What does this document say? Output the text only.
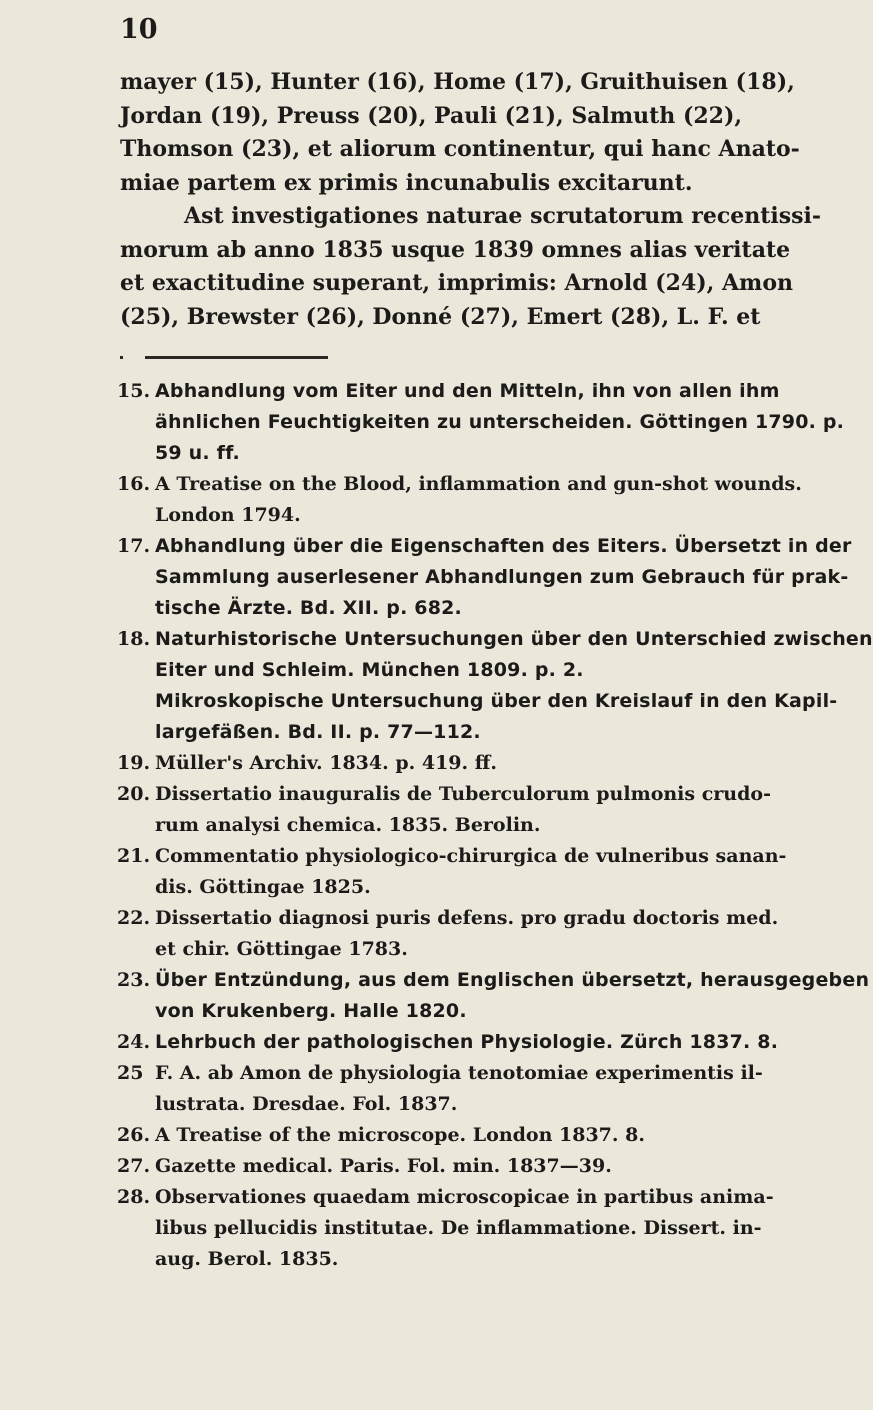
10
mayer (15), Hunter (16), Home (17), Gruithuisen (18),
Jordan (19), Preuss (20), Pauli (21), Salmuth (22),
Thomson (23), et aliorum continentur, qui hanc Anato-
miae partem ex primis incunabulis excitarunt.
Ast investigationes naturae scrutatorum recentissi-
morum ab anno 1835 usque 1839 omnes alias veritate
et exactitudine superant, imprimis: Arnold (24), Amon
(25), Brewster (26), Donné (27), Emert (28), L. F. et
15. Abhandlung vom Eiter und den Mitteln, ihn von allen ihm
ähnlichen Feuchtigkeiten zu unterscheiden. Göttingen 1790. p.
59 u. ff.
16. A Treatise on the Blood, inflammation and gun-shot wounds.
London 1794.
17. Abhandlung über die Eigenschaften des Eiters. Übersetzt in der
Sammlung auserlesener Abhandlungen zum Gebrauch für prak-
tische Ärzte. Bd. XII. p. 682.
18. Naturhistorische Untersuchungen über den Unterschied zwischen
Eiter und Schleim. München 1809. p. 2.
Mikroskopische Untersuchung über den Kreislauf in den Kapil-
largefäßen. Bd. II. p. 77—112.
19. Müller's Archiv. 1834. p. 419. ff.
20. Dissertatio inauguralis de Tuberculorum pulmonis crudo-
rum analysi chemica. 1835. Berolin.
21. Commentatio physiologico-chirurgica de vulneribus sanan-
dis. Göttingae 1825.
22. Dissertatio diagnosi puris defens. pro gradu doctoris med.
et chir. Göttingae 1783.
23. Über Entzündung, aus dem Englischen übersetzt, herausgegeben
von Krukenberg. Halle 1820.
24. Lehrbuch der pathologischen Physiologie. Zürch 1837. 8.
25 F. A. ab Amon de physiologia tenotomiae experimentis il-
lustrata. Dresdae. Fol. 1837.
26. A Treatise of the microscope. London 1837. 8.
27. Gazette medical. Paris. Fol. min. 1837—39.
28. Observationes quaedam microscopicae in partibus anima-
libus pellucidis institutae. De inflammatione. Dissert. in-
aug. Berol. 1835.
